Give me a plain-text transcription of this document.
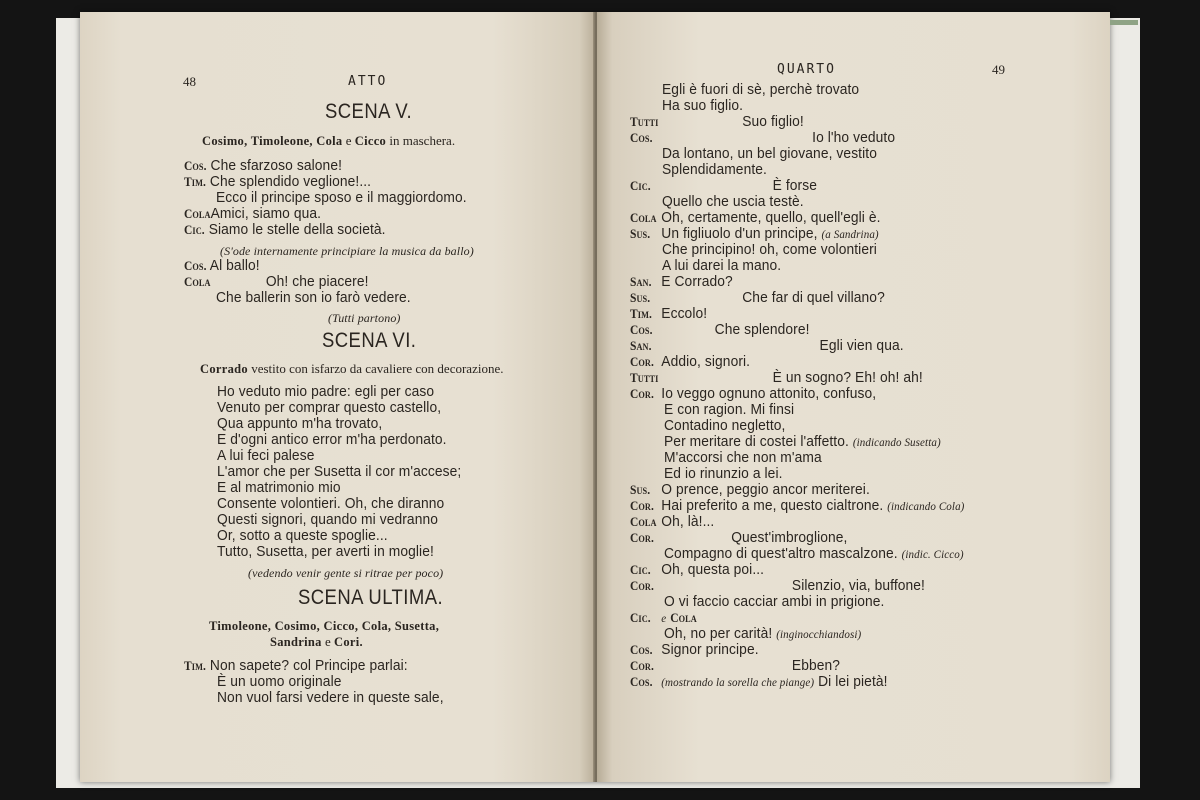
48	ATTO
SCENA V.
Cosimo, Timoleone, Cola e Cicco in maschera.
Cos. Che sfarzoso salone!
Tim. Che splendido veglione!...
Ecco il principe sposo e il maggiordomo.
ColaAmici, siamo qua.
Cic. Siamo le stelle della società.
(S'ode internamente principiare la musica da ballo)
Cos. Al ballo!
Cola	Oh! che piacere!
Che ballerin son io farò vedere.
(Tutti partono)
SCENA VI.
Corrado vestito con isfarzo da cavaliere con decorazione.
Ho veduto mio padre: egli per caso
Venuto per comprar questo castello,
Qua appunto m'ha trovato,
E d'ogni antico error m'ha perdonato.
A lui feci palese
L'amor che per Susetta il cor m'accese;
E al matrimonio mio
Consente volontieri. Oh, che diranno
Questi signori, quando mi vedranno
Or, sotto a queste spoglie...
Tutto, Susetta, per averti in moglie!
(vedendo venir gente si ritrae per poco)
SCENA ULTIMA.
Timoleone, Cosimo, Cicco, Cola, Susetta,
Sandrina e Cori.
Tim. Non sapete? col Principe parlai:
È un uomo originale
Non vuol farsi vedere in queste sale,
QUARTO	49
Egli è fuori di sè, perchè trovato
Ha suo figlio.
Tutti	Suo figlio!
Cos.	Io l'ho veduto
Da lontano, un bel giovane, vestito
Splendidamente.
Cic.	È forse
Quello che uscia testè.
Cola Oh, certamente, quello, quell'egli è.
Sus. Un figliuolo d'un principe, (a Sandrina)
Che principino! oh, come volontieri
A lui darei la mano.
San. E Corrado?
Sus.	Che far di quel villano?
Tim. Eccolo!
Cos.	Che splendore!
San.	Egli vien qua.
Cor. Addio, signori.
Tutti	È un sogno? Eh! oh! ah!
Cor. Io veggo ognuno attonito, confuso,
E con ragion. Mi finsi
Contadino negletto,
Per meritare di costei l'affetto. (indicando Susetta)
M'accorsi che non m'ama
Ed io rinunzio a lei.
Sus. O prence, peggio ancor meriterei.
Cor. Hai preferito a me, questo cialtrone. (indicando Cola)
Cola Oh, là!...
Cor.	Quest'imbroglione,
Compagno di quest'altro mascalzone. (indic. Cicco)
Cic. Oh, questa poi...
Cor.	Silenzio, via, buffone!
O vi faccio cacciar ambi in prigione.
Cic. e Cola
Oh, no per carità! (inginocchiandosi)
Cos. Signor principe.
Cor.	Ebben?
Cos. (mostrando la sorella che piange) Di lei pietà!
